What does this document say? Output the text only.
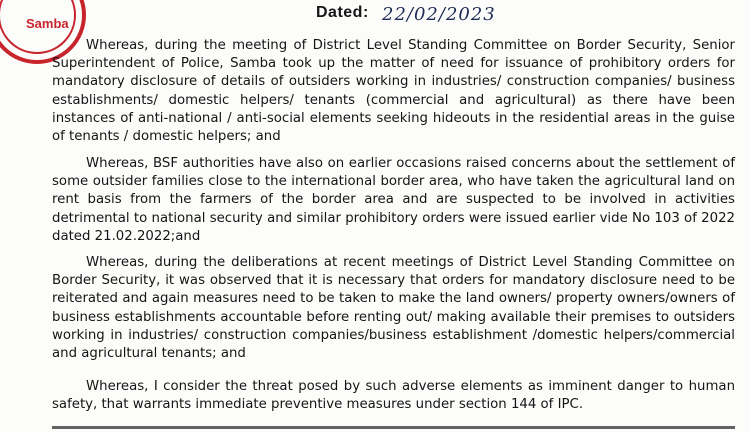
Samba
Dated: 22/02/2023

Whereas, during the meeting of District Level Standing Committee on Border Security, Senior Superintendent of Police, Samba took up the matter of need for issuance of prohibitory orders for mandatory disclosure of details of outsiders working in industries/ construction companies/ business establishments/ domestic helpers/ tenants (commercial and agricultural) as there have been instances of anti-national / anti-social elements seeking hideouts in the residential areas in the guise of tenants / domestic helpers; and

Whereas, BSF authorities have also on earlier occasions raised concerns about the settlement of some outsider families close to the international border area, who have taken the agricultural land on rent basis from the farmers of the border area and are suspected to be involved in activities detrimental to national security and similar prohibitory orders were issued earlier vide No 103 of 2022 dated 21.02.2022;and

Whereas, during the deliberations at recent meetings of District Level Standing Committee on Border Security, it was observed that it is necessary that orders for mandatory disclosure need to be reiterated and again measures need to be taken to make the land owners/ property owners/owners of business establishments accountable before renting out/ making available their premises to outsiders working in industries/ construction companies/business establishment /domestic helpers/commercial and agricultural tenants; and

Whereas, I consider the threat posed by such adverse elements as imminent danger to human safety, that warrants immediate preventive measures under section 144 of IPC.
